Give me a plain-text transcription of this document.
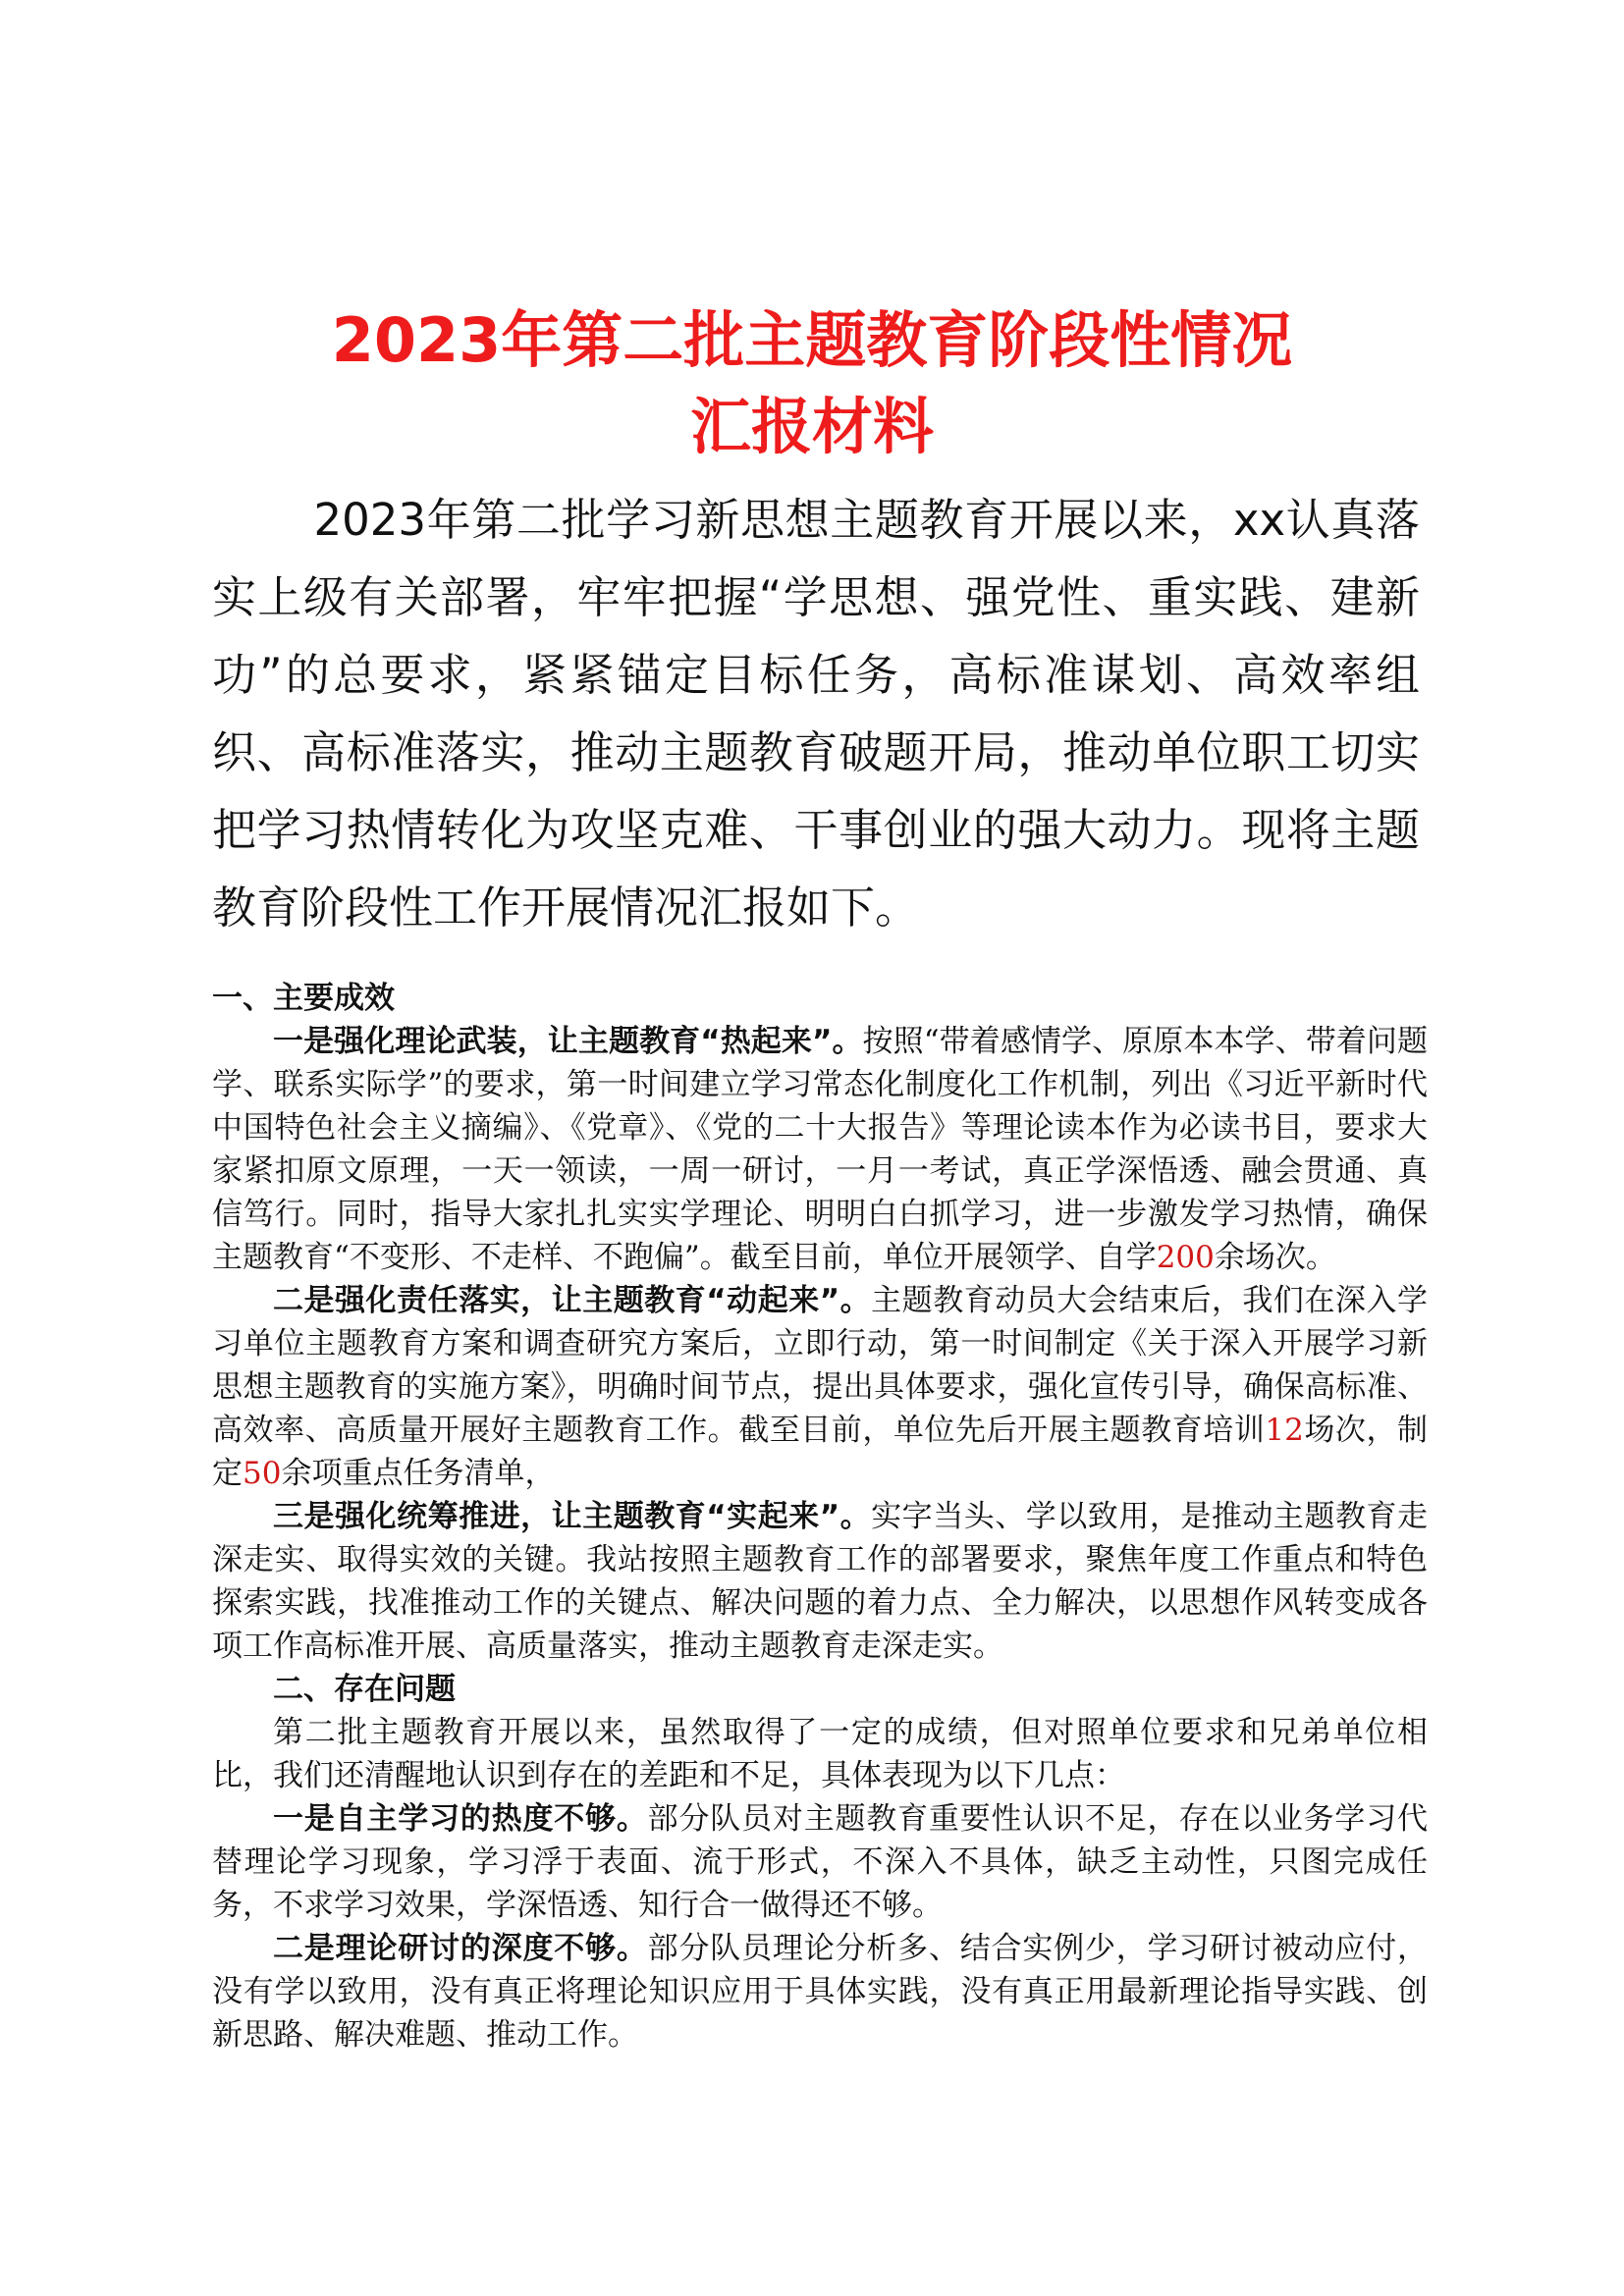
2023年第二批主题教育阶段性情况
汇报材料

2023年第二批学习新思想主题教育开展以来，xx认真落实上级有关部署，牢牢把握“学思想、强党性、重实践、建新功”的总要求，紧紧锚定目标任务，高标准谋划、高效率组织、高标准落实，推动主题教育破题开局，推动单位职工切实把学习热情转化为攻坚克难、干事创业的强大动力。现将主题教育阶段性工作开展情况汇报如下。

一、主要成效

一是强化理论武装，让主题教育“热起来”。按照“带着感情学、原原本本学、带着问题学、联系实际学”的要求，第一时间建立学习常态化制度化工作机制，列出《习近平新时代中国特色社会主义摘编》、《党章》、《党的二十大报告》等理论读本作为必读书目，要求大家紧扣原文原理，一天一领读，一周一研讨，一月一考试，真正学深悟透、融会贯通、真信笃行。同时，指导大家扎扎实实学理论、明明白白抓学习，进一步激发学习热情，确保主题教育“不变形、不走样、不跑偏”。截至目前，单位开展领学、自学200余场次。

二是强化责任落实，让主题教育“动起来”。主题教育动员大会结束后，我们在深入学习单位主题教育方案和调查研究方案后，立即行动，第一时间制定《关于深入开展学习新思想主题教育的实施方案》，明确时间节点，提出具体要求，强化宣传引导，确保高标准、高效率、高质量开展好主题教育工作。截至目前，单位先后开展主题教育培训12场次，制定50余项重点任务清单，

三是强化统筹推进，让主题教育“实起来”。实字当头、学以致用，是推动主题教育走深走实、取得实效的关键。我站按照主题教育工作的部署要求，聚焦年度工作重点和特色探索实践，找准推动工作的关键点、解决问题的着力点、全力解决，以思想作风转变成各项工作高标准开展、高质量落实，推动主题教育走深走实。

二、存在问题

第二批主题教育开展以来，虽然取得了一定的成绩，但对照单位要求和兄弟单位相比，我们还清醒地认识到存在的差距和不足，具体表现为以下几点：

一是自主学习的热度不够。部分队员对主题教育重要性认识不足，存在以业务学习代替理论学习现象，学习浮于表面、流于形式，不深入不具体，缺乏主动性，只图完成任务，不求学习效果，学深悟透、知行合一做得还不够。

二是理论研讨的深度不够。部分队员理论分析多、结合实例少，学习研讨被动应付，没有学以致用，没有真正将理论知识应用于具体实践，没有真正用最新理论指导实践、创新思路、解决难题、推动工作。
